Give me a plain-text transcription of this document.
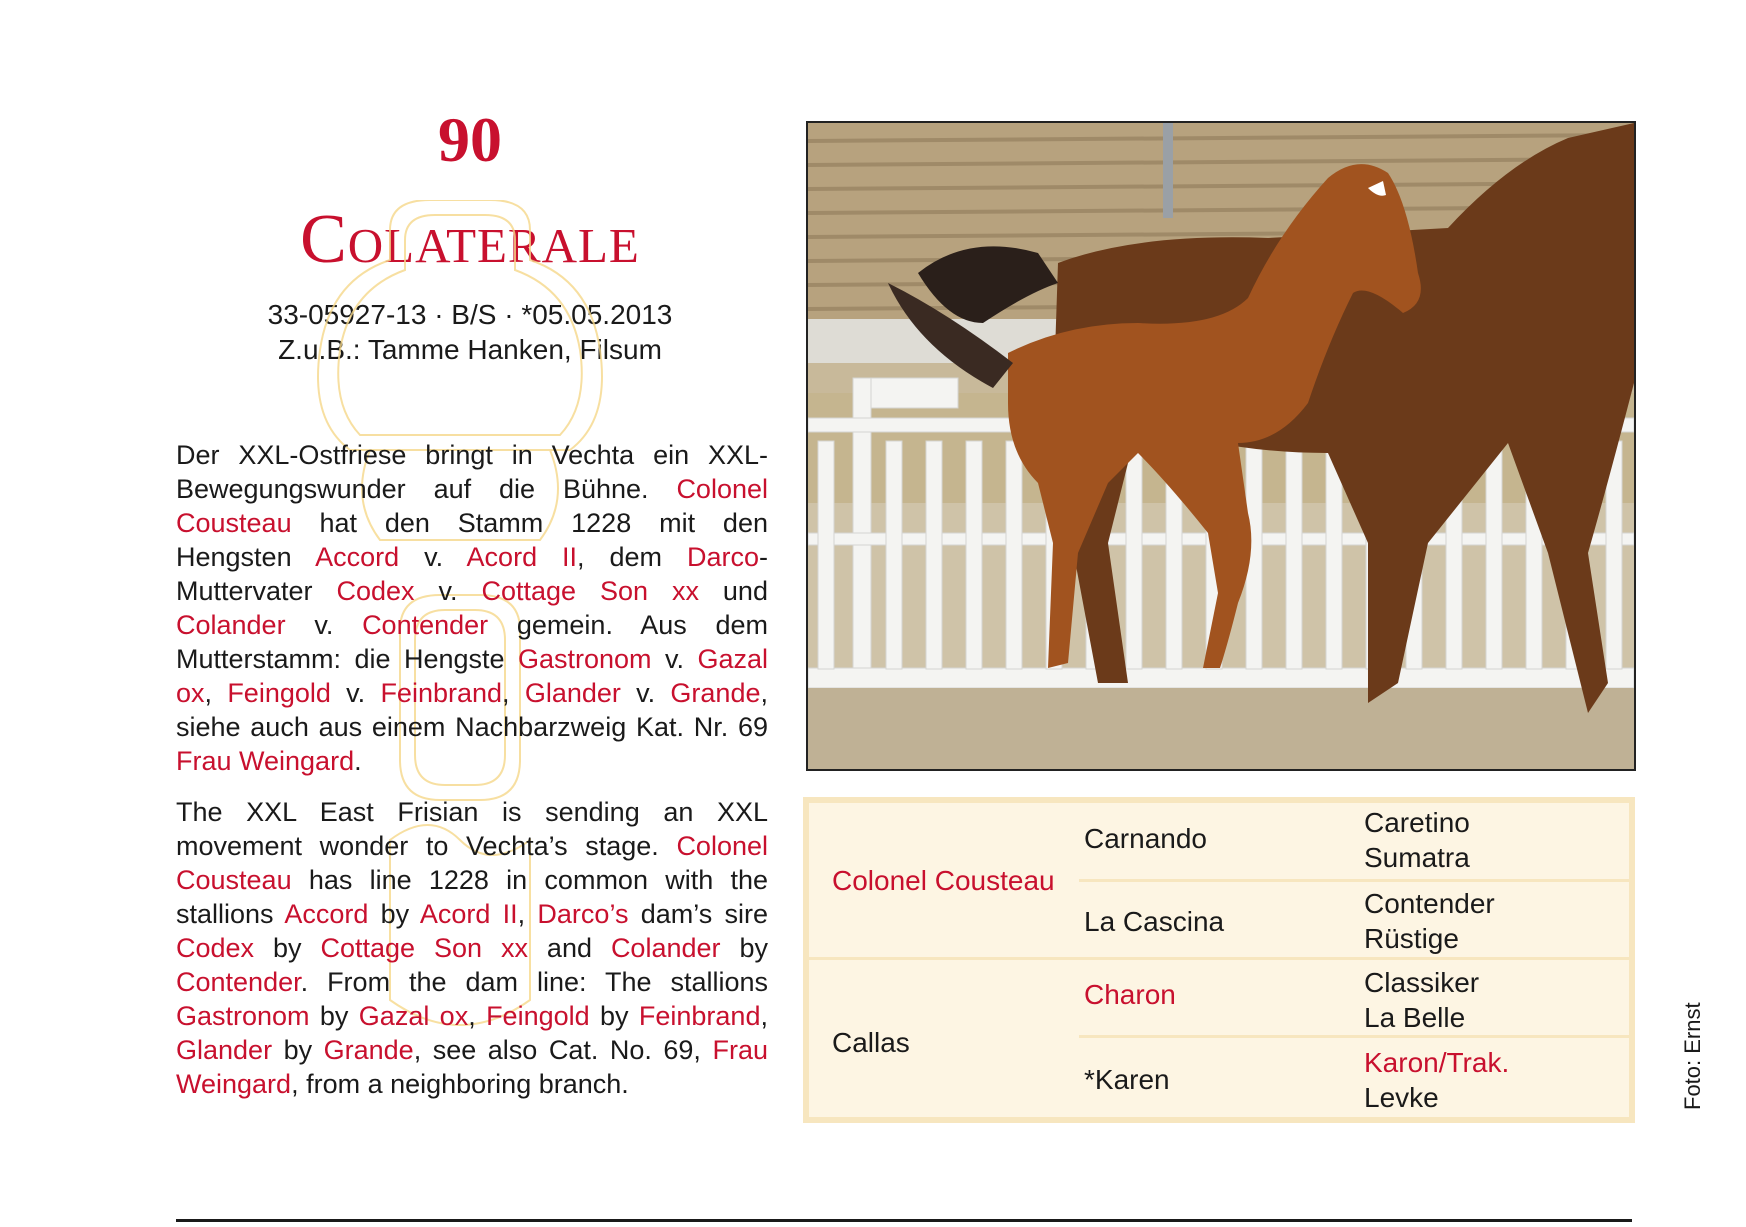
90
Colaterale
33-05927-13 · B/S · *05.05.2013
Z.u.B.: Tamme Hanken, Filsum

Der XXL-Ostfriese bringt in Vechta ein XXL-Bewegungswunder auf die Bühne. Colonel Cousteau hat den Stamm 1228 mit den Hengsten Accord v. Acord II, dem Darco-Muttervater Codex v. Cottage Son xx und Colander v. Contender gemein. Aus dem Mutterstamm: die Hengste Gastronom v. Gazal ox, Feingold v. Feinbrand, Glander v. Grande, siehe auch aus einem Nachbarzweig Kat. Nr. 69 Frau Weingard.

The XXL East Frisian is sending an XXL movement wonder to Vechta’s stage. Colonel Cousteau has line 1228 in common with the stallions Accord by Acord II, Darco’s dam’s sire Codex by Cottage Son xx and Colander by Contender. From the dam line: The stallions Gastronom by Gazal ox, Feingold by Feinbrand, Glander by Grande, see also Cat. No. 69, Frau Weingard, from a neighboring branch.

Colonel Cousteau
Callas
Carnando
La Cascina
Charon
*Karen
Caretino
Sumatra
Contender
Rüstige
Classiker
La Belle
Karon/Trak.
Levke	Foto: Ernst
